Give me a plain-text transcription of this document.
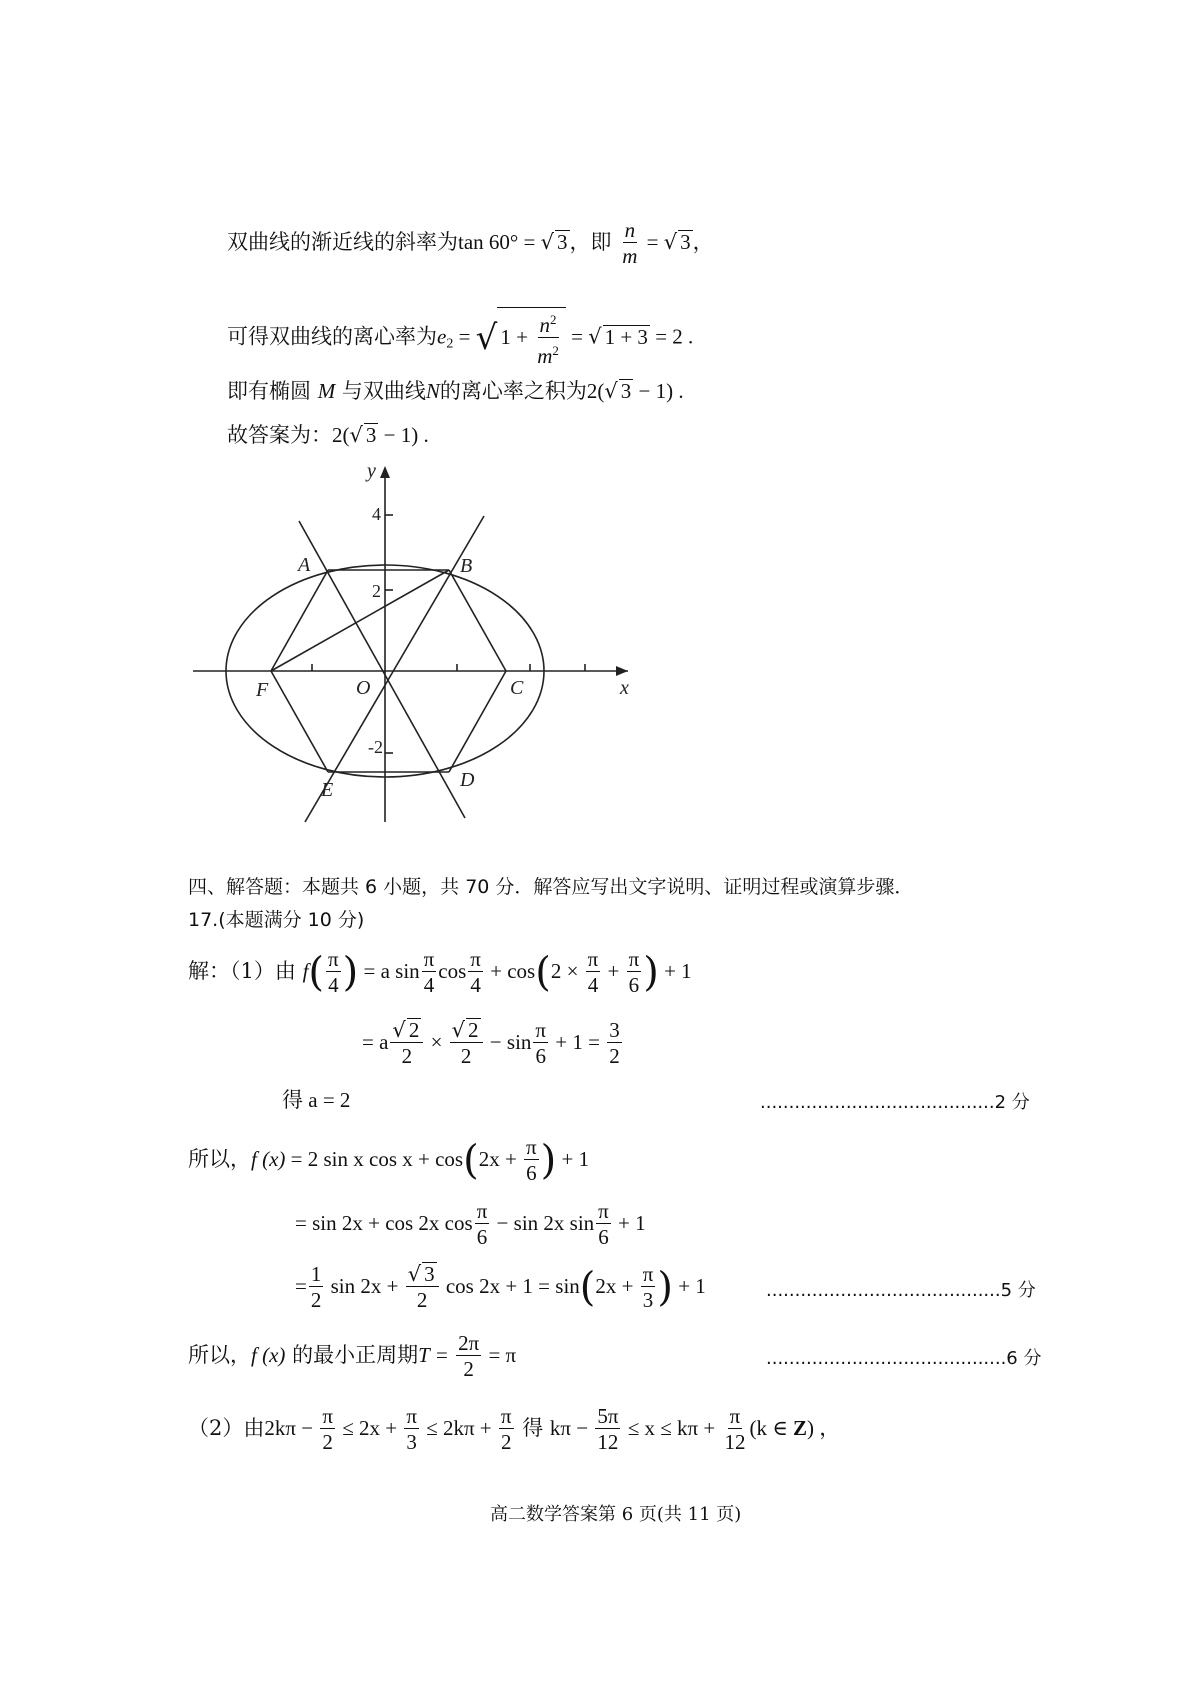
双曲线的渐近线的斜率为tan 60° = √ 3，即 $\frac{n}{m}$ = √ 3，
可得双曲线的离心率为$e_2$ = √ $1 + \frac{n^2}{m^2}$ = √ 1 + 3 = 2 .
即有椭圆 M 与双曲线N的离心率之积为2(√ 3 − 1) .
故答案为：2(√ 3 − 1) .
y
x
A	B
C
D
E
F	O
4
2
-2
四、解答题：本题共 6 小题，共 70 分．解答应写出文字说明、证明过程或演算步骤．
17.(本题满分 10 分)
解：（1）由 $f( \frac{\pi}{4}$ ) = a $\sin \frac{\pi}{4}$ $\cos \frac{\pi}{4} + \cos(2 \times \frac{\pi}{4} + \frac{\pi}{6}$ ) + 1
= a $\frac{√ 2}{2} \times \frac{√ 2}{2} - \sin \frac{\pi}{6} + 1 = \frac{3}{2}$
得 a = 2	.........................................2 分
所以，f (x) = 2 sin x $\cos x + \cos(2x + \frac{\pi}{6}$ ) + 1
= sin 2x + cos 2x $\cos \frac{\pi}{6} - \sin 2x$ $\sin \frac{\pi}{6} + 1$
= $\frac{1}{2}$ $\sin 2x + \frac{√ 3}{2}$ $\cos 2x + 1 = \sin(2x + \frac{\pi}{3}$ ) + 1	.........................................5 分
所以，f (x) 的最小正周期$T = \frac{2\pi}{2} = \pi$	..........................................6 分
（2）由$2k\pi - \frac{\pi}{2} \le 2x + \frac{\pi}{3} \le 2k\pi + \frac{\pi}{2}$ 得 $k\pi - \frac{5\pi}{12} \le x \le k\pi + \frac{\pi}{12} (k$ ∈ Z) ，
高二数学答案第 6 页(共 11 页)
